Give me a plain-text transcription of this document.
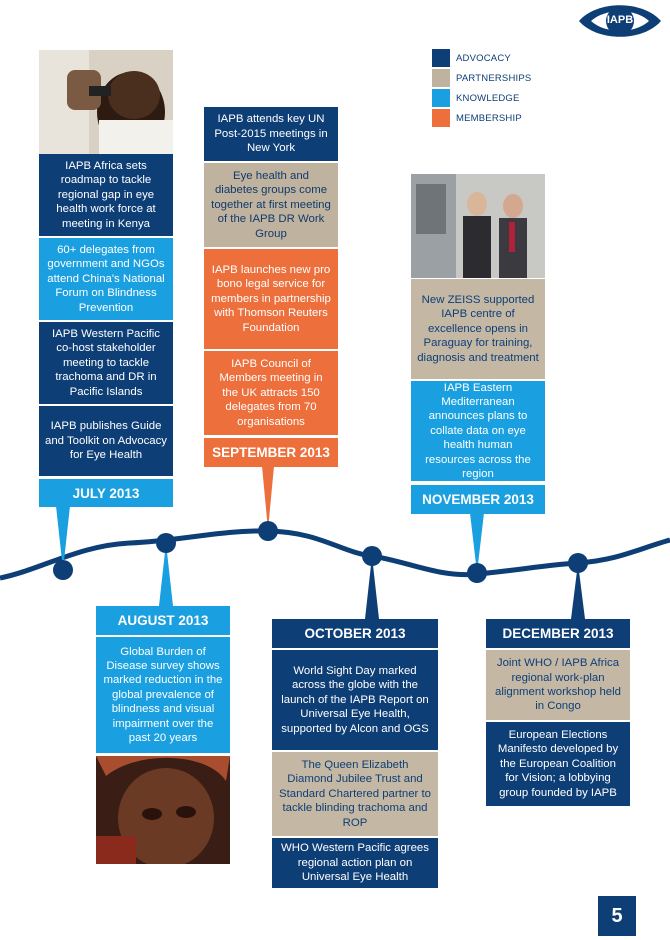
IAPB
ADVOCACY
PARTNERSHIPS
KNOWLEDGE
MEMBERSHIP
IAPB Africa sets roadmap to tackle regional gap in eye health work force at meeting in Kenya
60+ delegates from government and NGOs attend China's National Forum on Blindness Prevention
IAPB Western Pacific co-host stakeholder meeting to tackle trachoma and DR in Pacific Islands
IAPB publishes Guide and Toolkit on Advocacy for Eye Health
JULY 2013
IAPB attends key UN Post-2015 meetings in New York
Eye health and diabetes groups come together at first meeting of the IAPB DR Work Group
IAPB launches new pro bono legal service for members in partnership with Thomson Reuters Foundation
IAPB Council of Members meeting in the UK attracts 150 delegates from 70 organisations
SEPTEMBER 2013
New ZEISS supported IAPB centre of excellence opens in Paraguay for training, diagnosis and treatment
IAPB Eastern Mediterranean announces plans to collate data on eye health human resources across the region
NOVEMBER 2013
AUGUST 2013
Global Burden of Disease survey shows marked reduction in the global prevalence of blindness and visual impairment over the past 20 years
OCTOBER 2013
World Sight Day marked across the globe with the launch of the IAPB Report on Universal Eye Health, supported by Alcon and OGS
The Queen Elizabeth Diamond Jubilee Trust and Standard Chartered partner to tackle blinding trachoma and ROP
WHO Western Pacific agrees regional action plan on Universal Eye Health
DECEMBER 2013
Joint WHO / IAPB Africa regional work-plan alignment workshop held in Congo
European Elections Manifesto developed by the European Coalition for Vision; a lobbying group founded by IAPB
5
